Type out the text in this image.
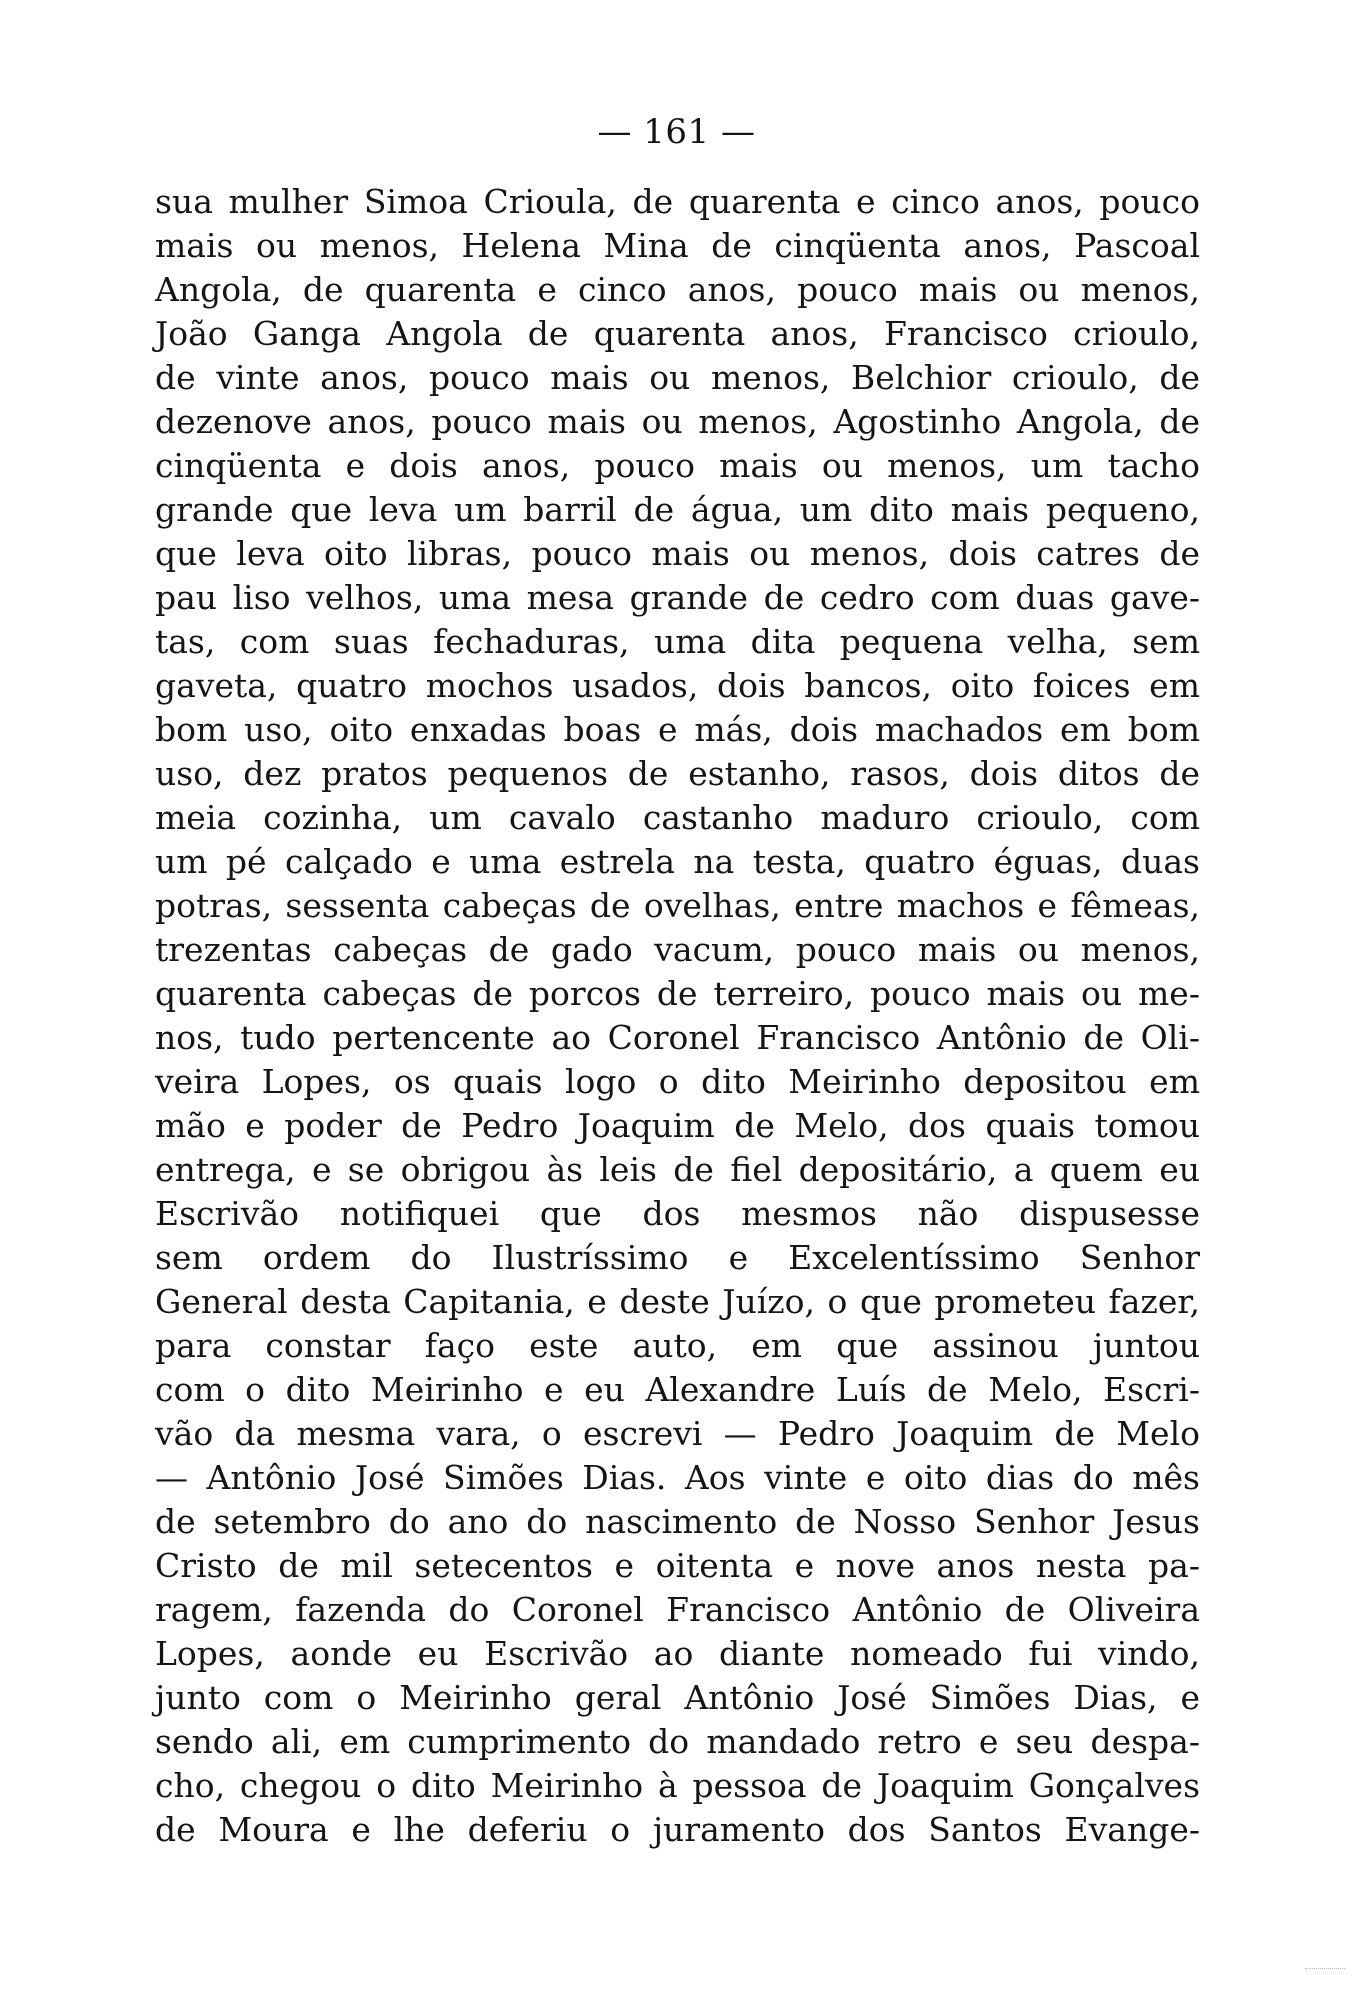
— 161 —
sua mulher Simoa Crioula, de quarenta e cinco anos, pouco
mais ou menos, Helena Mina de cinqüenta anos, Pascoal
Angola, de quarenta e cinco anos, pouco mais ou menos,
João Ganga Angola de quarenta anos, Francisco crioulo,
de vinte anos, pouco mais ou menos, Belchior crioulo, de
dezenove anos, pouco mais ou menos, Agostinho Angola, de
cinqüenta e dois anos, pouco mais ou menos, um tacho
grande que leva um barril de água, um dito mais pequeno,
que leva oito libras, pouco mais ou menos, dois catres de
pau liso velhos, uma mesa grande de cedro com duas gave-
tas, com suas fechaduras, uma dita pequena velha, sem
gaveta, quatro mochos usados, dois bancos, oito foices em
bom uso, oito enxadas boas e más, dois machados em bom
uso, dez pratos pequenos de estanho, rasos, dois ditos de
meia cozinha, um cavalo castanho maduro crioulo, com
um pé calçado e uma estrela na testa, quatro éguas, duas
potras, sessenta cabeças de ovelhas, entre machos e fêmeas,
trezentas cabeças de gado vacum, pouco mais ou menos,
quarenta cabeças de porcos de terreiro, pouco mais ou me-
nos, tudo pertencente ao Coronel Francisco Antônio de Oli-
veira Lopes, os quais logo o dito Meirinho depositou em
mão e poder de Pedro Joaquim de Melo, dos quais tomou
entrega, e se obrigou às leis de fiel depositário, a quem eu
Escrivão notifiquei que dos mesmos não dispusesse
sem ordem do Ilustríssimo e Excelentíssimo Senhor
General desta Capitania, e deste Juízo, o que prometeu fazer,
para constar faço este auto, em que assinou juntou
com o dito Meirinho e eu Alexandre Luís de Melo, Escri-
vão da mesma vara, o escrevi — Pedro Joaquim de Melo
— Antônio José Simões Dias. Aos vinte e oito dias do mês
de setembro do ano do nascimento de Nosso Senhor Jesus
Cristo de mil setecentos e oitenta e nove anos nesta pa-
ragem, fazenda do Coronel Francisco Antônio de Oliveira
Lopes, aonde eu Escrivão ao diante nomeado fui vindo,
junto com o Meirinho geral Antônio José Simões Dias, e
sendo ali, em cumprimento do mandado retro e seu despa-
cho, chegou o dito Meirinho à pessoa de Joaquim Gonçalves
de Moura e lhe deferiu o juramento dos Santos Evange-
